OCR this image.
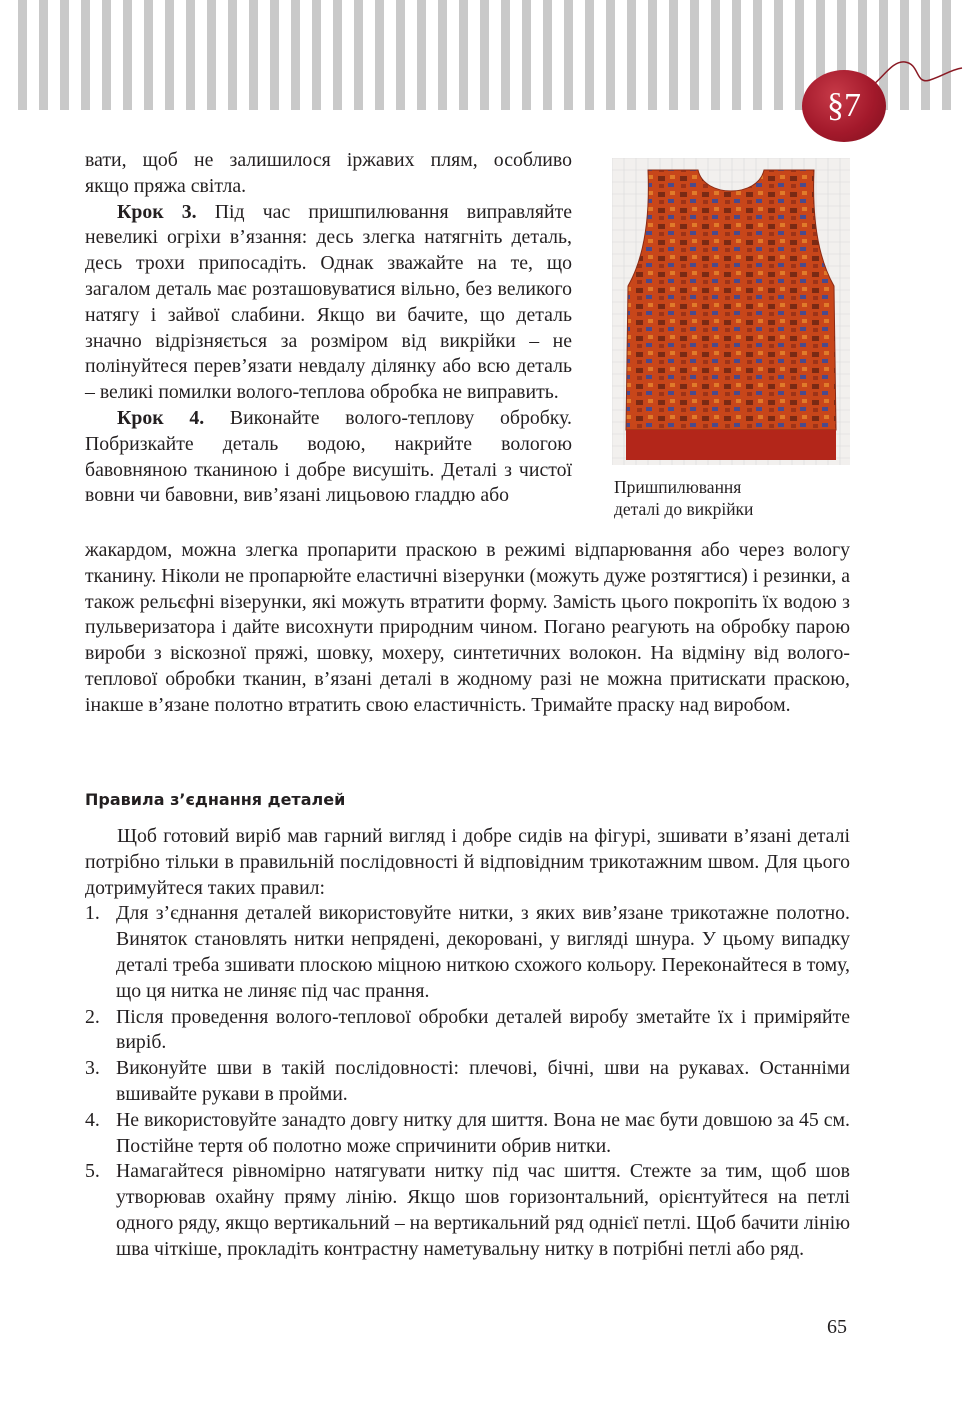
§7
Пришпилювання
деталі до викрійки

вати, щоб не залишилося іржавих плям, особливо

якщо пряжа світла.

Крок 3. Під час пришпилювання виправляйте невеликі огріхи в’язання: десь злегка натягніть деталь, десь трохи припосадіть. Однак зважайте на те, що загалом деталь має розташовуватися вільно, без великого натягу і зайвої слабини. Якщо ви бачите, що деталь значно відрізняється за розміром від викрійки – не полінуйтеся перев’язати невдалу ділянку або всю деталь – великі помилки волого-теплова обробка не виправить.

Крок 4. Виконайте волого-теплову обробку. Побризкайте деталь водою, накрийте вологою бавовняною тканиною і добре висушіть. Деталі з чистої вовни чи бавовни, вив’язані лицьовою гладдю або

жакардом, можна злегка пропарити праскою в режимі відпарювання або через вологу тканину. Ніколи не пропарюйте еластичні візерунки (можуть дуже розтягтися) і резинки, а також рельєфні візерунки, які можуть втратити форму. Замість цього покропіть їх водою з пульверизатора і дайте висохнути природним чином. Погано реагують на обробку парою вироби з віскозної пряжі, шовку, мохеру, синтетичних волокон. На відміну від волого-теплової обробки тканин, в’язані деталі в жодному разі не можна притискати праскою, інакше в’язане полотно втратить свою еластичність. Тримайте праску над виробом.

Правила з’єднання деталей

Щоб готовий виріб мав гарний вигляд і добре сидів на фігурі, зшивати в’язані деталі потрібно тільки в правильній послідовності й відповідним трикотажним швом. Для цього дотримуйтеся таких правил:

1. Для з’єднання деталей використовуйте нитки, з яких вив’язане трикотажне полотно. Виняток становлять нитки непрядені, декоровані, у вигляді шнура. У цьому випадку деталі треба зшивати плоскою міцною ниткою схожого кольору. Переконайтеся в тому, що ця нитка не линяє під час прання.
2. Після проведення волого-теплової обробки деталей виробу зметайте їх і приміряйте виріб.
3. Виконуйте шви в такій послідовності: плечові, бічні, шви на рукавах. Останніми вшивайте рукави в пройми.
4. Не використовуйте занадто довгу нитку для шиття. Вона не має бути довшою за 45 см. Постійне тертя об полотно може спричинити обрив нитки.
5. Намагайтеся рівномірно натягувати нитку під час шиття. Стежте за тим, щоб шов утворював охайну пряму лінію. Якщо шов горизонтальний, орієнтуйтеся на петлі одного ряду, якщо вертикальний – на вертикальний ряд однієї петлі. Щоб бачити лінію шва чіткіше, прокладіть контрастну наметувальну нитку в потрібні петлі або ряд.
65
